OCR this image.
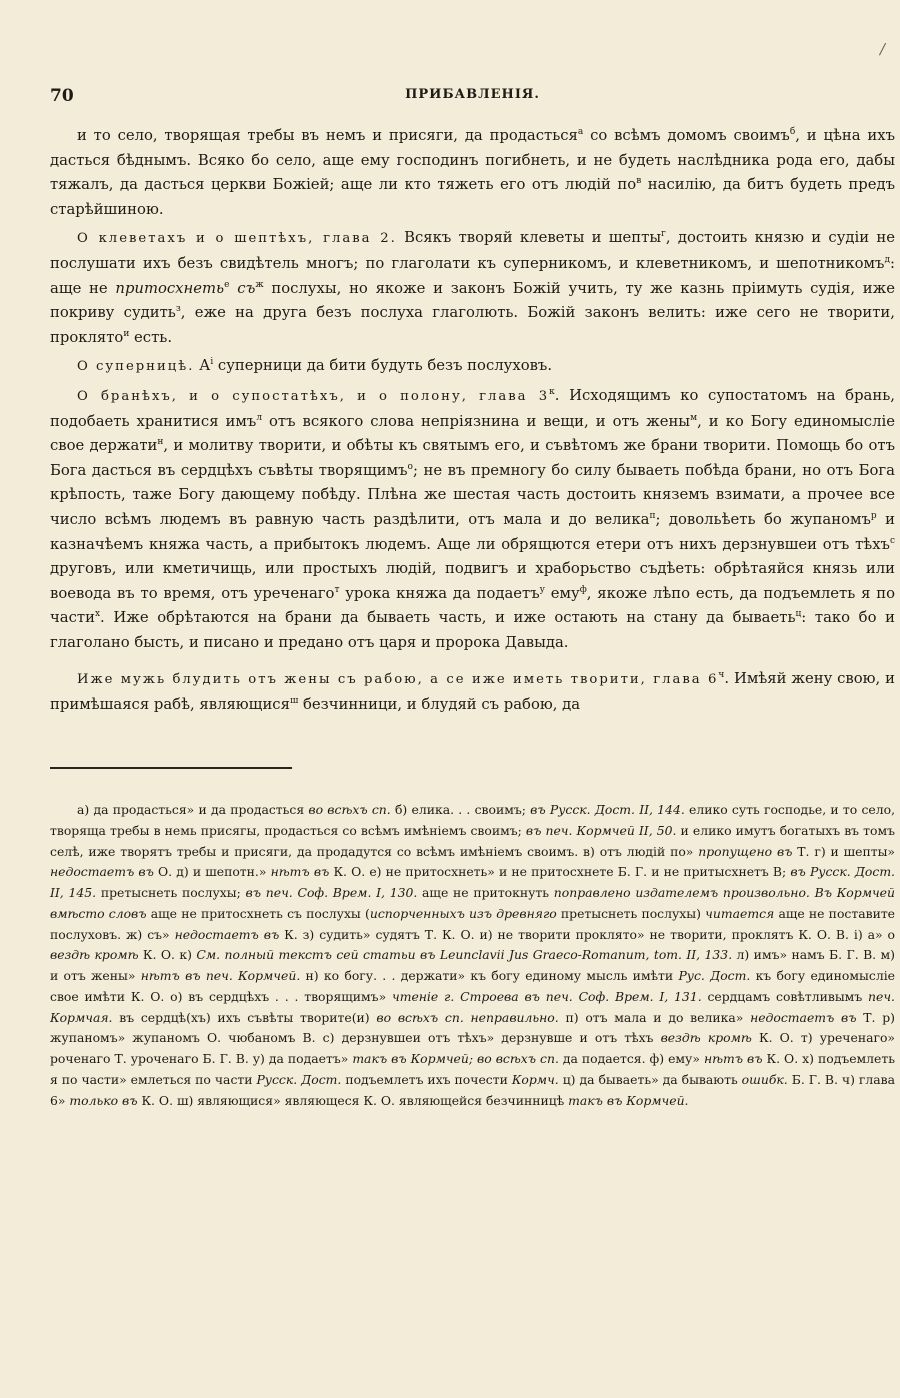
70	ПРИБАВЛЕНІЯ.
/

и то село, творящая требы въ немъ и присяги, да продасться$^а$ со всѣмъ домомъ своимъ$^б$, и цѣна ихъ дасться бѣднымъ. Всяко бо село, аще ему господинъ погибнеть, и не будеть наслѣдника рода его, дабы тяжалъ, да дасться церкви Божіей; аще ли кто тяжеть его отъ людій $по^в$ насилію, да битъ будеть предъ старѣйшиною.

О клеветахъ и о шептѣхъ, глава 2. Всякъ творяй клеветы и шепты$^г$, достоить князю и судіи не послушати ихъ безъ свидѣтель многъ; по глаголати къ суперникомъ, и клеветникомъ, и шепотникомъ$^д$: аще не притосхнеть$^е$ $съ^ж$ послухы, но якоже и законъ Божій учить, ту же казнь пріимуть судія, иже покриву судить$^з$, еже на друга безъ послуха глаголють. Божій законъ велить: иже сего не творити, проклято$^и$ есть.

О суперницѣ. $А^і$ суперници да бити будуть безъ послуховъ.

О бранѣхъ, и о супостатѣхъ, и о полону, глава $3^к$. Исходящимъ ко супостатомъ на брань, подобаеть хранитися имъ$^л$ отъ всякого слова непріязнина и вещи, и отъ жены$^м$, и ко Богу единомысліе свое держати$^н$, и молитву творити, и обѣты къ святымъ его, и съвѣтомъ же брани творити. Помощь бо отъ Бога дасться въ сердцѣхъ съвѣты творящимъ$^о$; не въ премногу бо силу бываеть побѣда брани, но отъ Бога крѣпость, таже Богу дающему побѣду. Плѣна же шестая часть достоить княземъ взимати, а прочее все число всѣмъ людемъ въ равную часть раздѣлити, отъ мала и до велика$^п$; довольѣеть бо жупаномъ$^р$ и казначѣемъ княжа часть, а прибытокъ людемъ. Аще ли обрящются етери отъ нихъ дерзнувшеи отъ тѣхъ$^с$ друговъ, или кметичищь, или простыхъ людій, подвигъ и храборьство съдѣеть: обрѣтаяйся князь или воевода въ то время, отъ уреченаго$^т$ урока княжа да подаетъ$^у$ ему$^ф$, якоже лѣпо есть, да подъемлеть я по части$^х$. Иже обрѣтаются на брани да бываеть часть, и иже остають на стану да бываеть$^ц$: тако бо и глаголано бысть, и писано и предано отъ царя и пророка Давыда.

Иже мужь блудить отъ жены съ рабою, а се иже иметь творити, глава $6^ч$. Имѣяй жену свою, и примѣшаяся рабѣ, являющися$^ш$ безчинници, и блудяй съ рабою, да

а) да продасться» и да продасться во всѣхъ сп. б) елика. . . своимъ; въ Русск. Дост. II, 144. елико суть господье, и то село, творяща требы в немь присягы, продасться со всѣмъ имѣніемъ своимъ; въ печ. Кормчей II, 50. и елико имутъ богатыхъ въ томъ селѣ, иже творятъ требы и присяги, да продадутся со всѣмъ имѣніемъ своимъ. в) отъ людій по» пропущено въ Т. г) и шепты» недостаетъ въ О. д) и шепотн.» нѣтъ въ К. О. е) не притосхнеть» и не притосхнете Б. Г. и не притысхнетъ В; въ Русск. Дост. II, 145. претыснеть послухы; въ печ. Соф. Врем. I, 130. аще не притокнуть поправлено издателемъ произвольно. Въ Кормчей вмѣсто словъ аще не притосхнеть съ послухы (испорченныхъ изъ древняго претыснеть послухы) читается аще не поставите послуховъ. ж) съ» недостаетъ въ К. з) судить» судятъ Т. К. О. и) не творити проклято» не творити, проклятъ К. О. В. і) а» о вездѣ кромѣ К. О. к) См. полный текстъ сей статьи въ Leunclavii Jus Graeco-Romanum, tom. II, 133. л) имъ» намъ Б. Г. В. м) и отъ жены» нѣтъ въ печ. Кормчей. н) ко богу. . . держати» къ богу единому мысль имѣти Рус. Дост. къ богу единомысліе свое имѣти К. О. о) въ сердцѣхъ . . . творящимъ» чтеніе г. Строева въ печ. Соф. Врем. I, 131. сердцамъ совѣтливымъ печ. Кормчая. въ сердцѣ(хъ) ихъ съвѣты творите(и) во всѣхъ сп. неправильно. п) отъ мала и до велика» недостаетъ въ Т. р) жупаномъ» жупаномъ О. чюбаномъ В. с) дерзнувшеи отъ тѣхъ» дерзнувше и отъ тѣхъ вездѣ кромѣ К. О. т) уреченаго» роченаго Т. уроченаго Б. Г. В. у) да подаетъ» такъ въ Кормчей; во всѣхъ сп. да подается. ф) ему» нѣтъ въ К. О. х) подъемлеть я по части» емлеться по части Русск. Дост. подъемлетъ ихъ почести Кормч. ц) да бываеть» да бывають ошибк. Б. Г. В. ч) глава 6» только въ К. О. ш) являющися» являющеся К. О. являющейся безчинницѣ такъ въ Кормчей.
